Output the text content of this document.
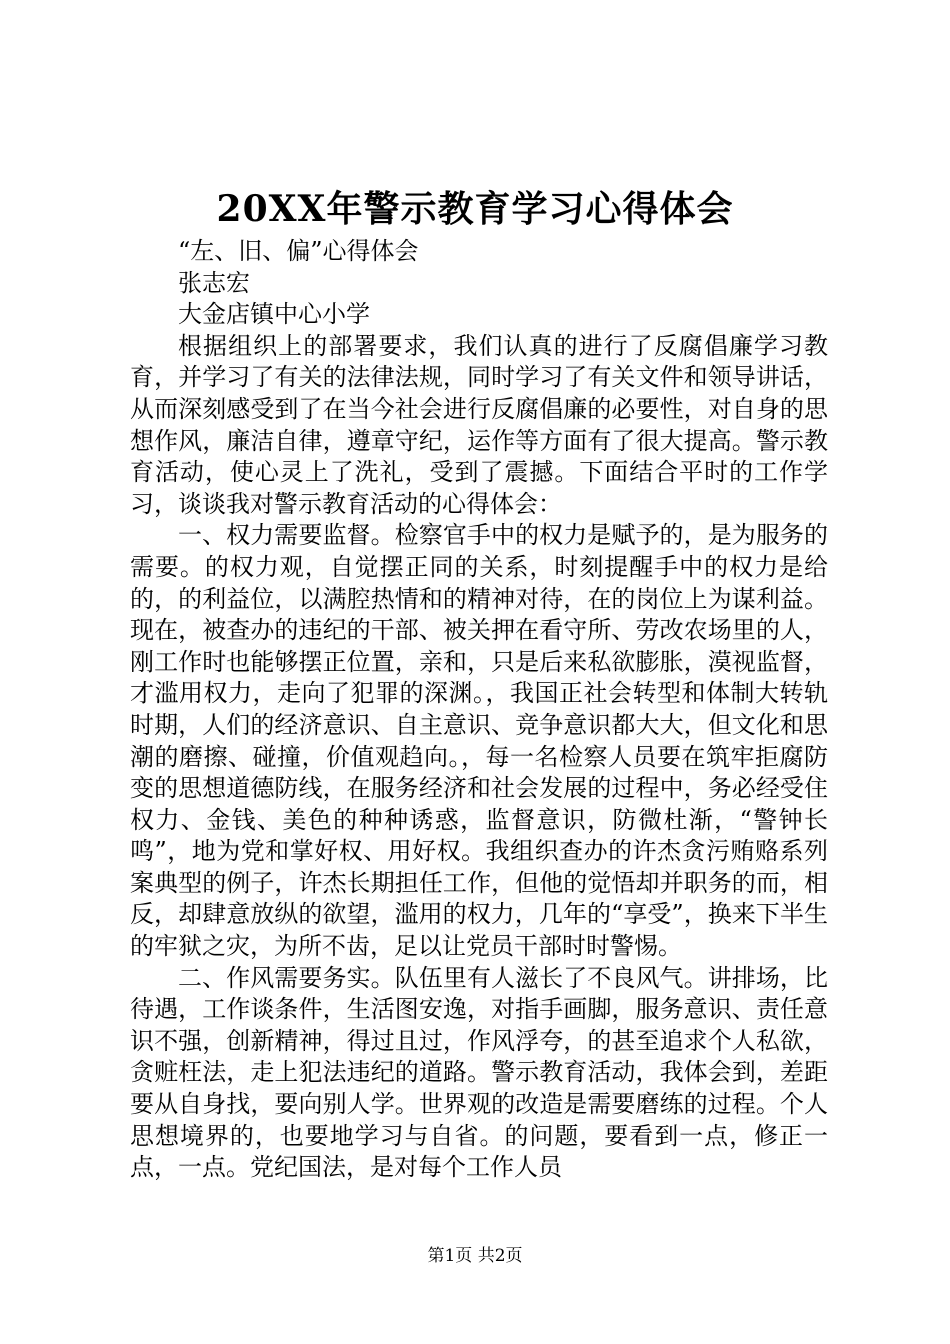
20XX年警示教育学习心得体会

“左、旧、偏”心得体会

张志宏

大金店镇中心小学

根据组织上的部署要求，我们认真的进行了反腐倡廉学习教育，并学习了有关的法律法规，同时学习了有关文件和领导讲话，从而深刻感受到了在当今社会进行反腐倡廉的必要性，对自身的思想作风，廉洁自律，遵章守纪，运作等方面有了很大提高。警示教育活动，使心灵上了洗礼，受到了震撼。下面结合平时的工作学习，谈谈我对警示教育活动的心得体会：

一、权力需要监督。检察官手中的权力是赋予的，是为服务的需要。的权力观，自觉摆正同的关系，时刻提醒手中的权力是给的，的利益位，以满腔热情和的精神对待，在的岗位上为谋利益。现在，被查办的违纪的干部、被关押在看守所、劳改农场里的人，刚工作时也能够摆正位置，亲和，只是后来私欲膨胀，漠视监督，才滥用权力，走向了犯罪的深渊。，我国正社会转型和体制大转轨时期，人们的经济意识、自主意识、竞争意识都大大，但文化和思潮的磨擦、碰撞，价值观趋向。，每一名检察人员要在筑牢拒腐防变的思想道德防线，在服务经济和社会发展的过程中，务必经受住权力、金钱、美色的种种诱惑，监督意识，防微杜渐，“警钟长鸣”，地为党和掌好权、用好权。我组织查办的许杰贪污贿赂系列案典型的例子，许杰长期担任工作，但他的觉悟却并职务的而，相反，却肆意放纵的欲望，滥用的权力，几年的“享受”，换来下半生的牢狱之灾，为所不齿，足以让党员干部时时警惕。

二、作风需要务实。队伍里有人滋长了不良风气。讲排场，比待遇，工作谈条件，生活图安逸，对指手画脚，服务意识、责任意识不强，创新精神，得过且过，作风浮夸，的甚至追求个人私欲，贪赃枉法，走上犯法违纪的道路。警示教育活动，我体会到，差距要从自身找，要向别人学。世界观的改造是需要磨练的过程。个人思想境界的，也要地学习与自省。的问题，要看到一点，修正一点，一点。党纪国法，是对每个工作人员

第1页 共2页
